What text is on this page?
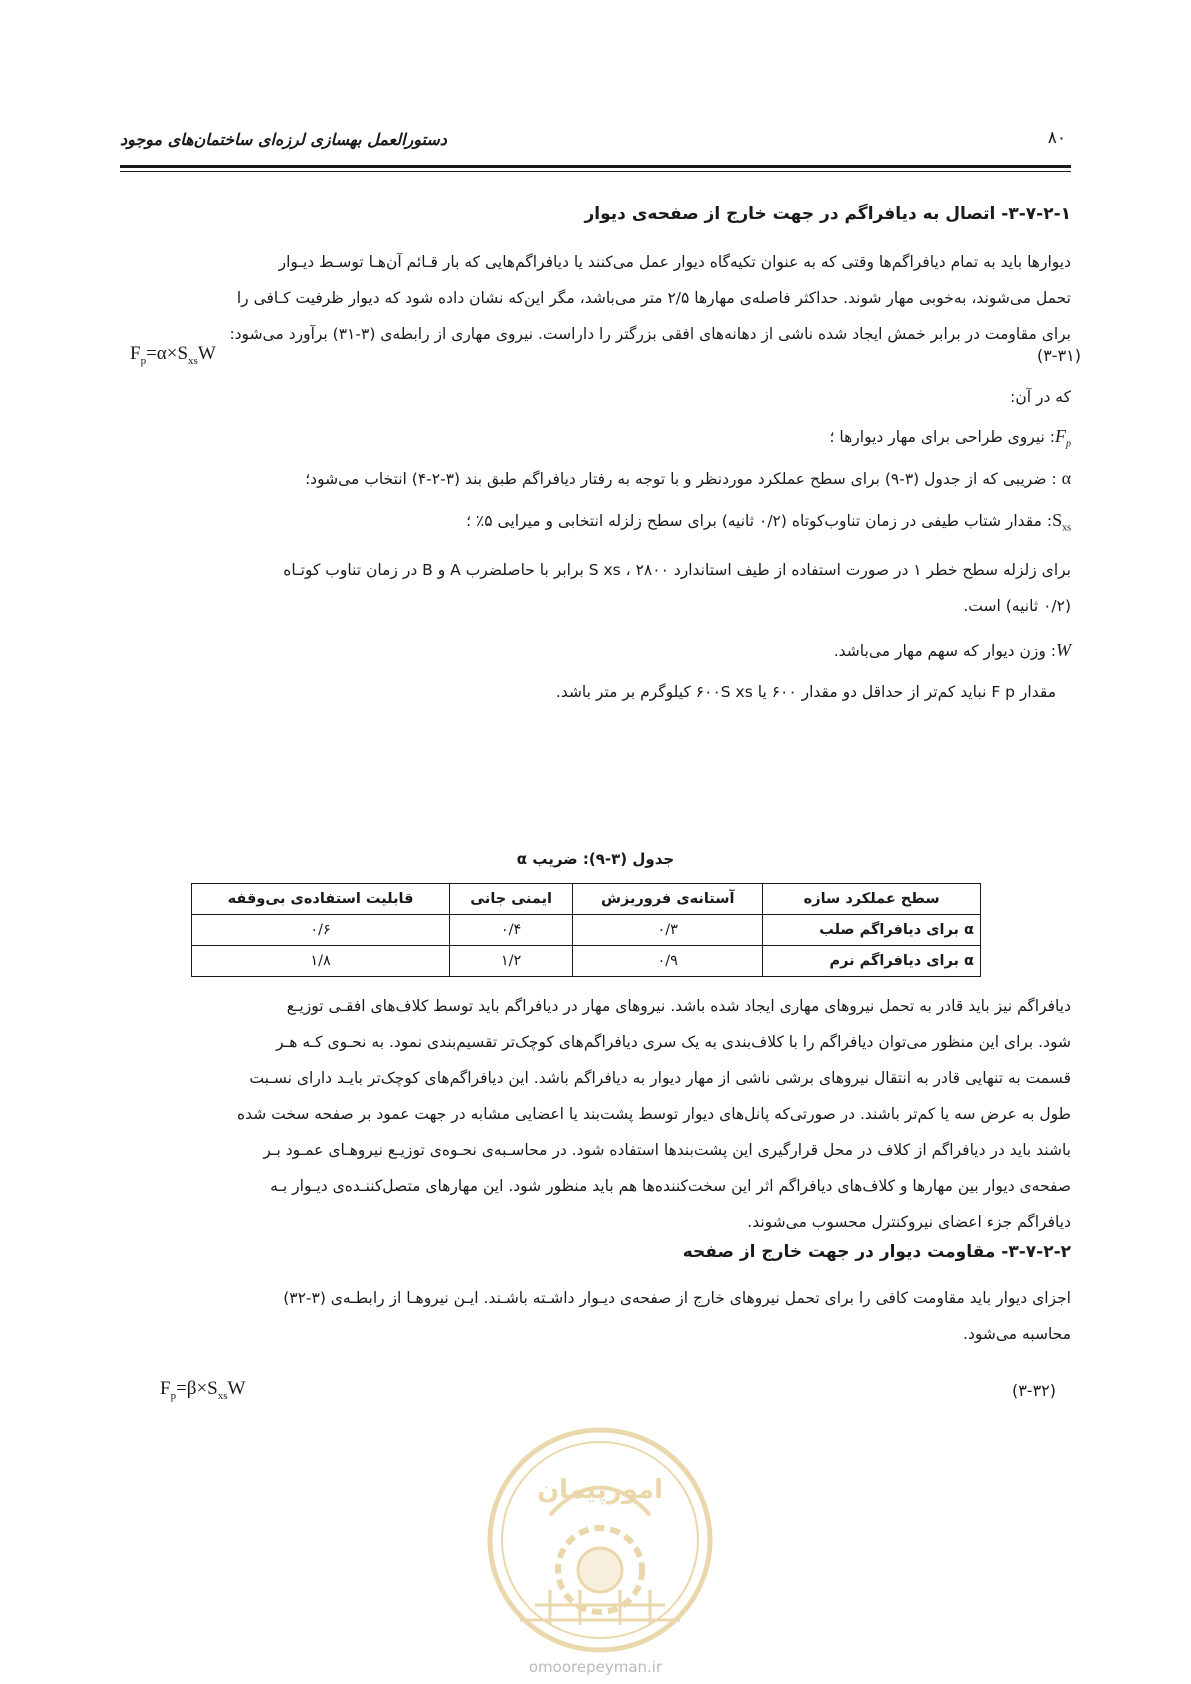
دستورالعمل بهسازی لرزه‌ای ساختمان‌های موجود	۸۰
۳-۷-۲-۱- اتصال به دیافراگم در جهت خارج از صفحه‌ی دیوار

دیوارها باید به تمام دیافراگم‌ها وقتی که به عنوان تکیه‌گاه دیوار عمل می‌کنند یا دیافراگم‌هایی که بار قـائم آن‌هـا توسـط دیـوار

تحمل می‌شوند، به‌خوبی مهار شوند. حداکثر فاصله‌ی مهارها ۲/۵ متر می‌باشد، مگر این‌که نشان داده شود که دیوار ظرفیت کـافی را

برای مقاومت در برابر خمش ایجاد شده ناشی از دهانه‌های افقی بزرگتر را داراست. نیروی مهاری از رابطه‌ی (۳-۳۱) برآورد می‌شود:

$F_p=\alpha\times S_{xs}W$	(۳-۳۱)
که در آن:
$F_p$: نیروی طراحی برای مهار دیوارها ؛
α : ضریبی که از جدول (۳-۹) برای سطح عملکرد موردنظر و با توجه به رفتار دیافراگم طبق بند (۳-۲-۴) انتخاب می‌شود؛
$S_{xs}$: مقدار شتاب طیفی در زمان تناوب‌کوتاه (۰/۲ ثانیه) برای سطح زلزله انتخابی و میرایی ۵٪ ؛

برای زلزله سطح خطر ۱ در صورت استفاده از طیف استاندارد ۲۸۰۰ ، S xs برابر با حاصلضرب A و B در زمان تناوب کوتـاه

(۰/۲ ثانیه) است.

W: وزن دیوار که سهم مهار می‌باشد.
مقدار F p نباید کم‌تر از حداقل دو مقدار ۶۰۰ یا ۶۰۰S xs کیلوگرم بر متر باشد.
جدول (۳-۹): ضریب α
سطح عملکرد سازه	آستانه‌ی فروریزش	ایمنی جانی	قابلیت استفاده‌ی بی‌وقفه
α برای دیافراگم صلب	۰/۳	۰/۴	۰/۶
α برای دیافراگم نرم	۰/۹	۱/۲	۱/۸

دیافراگم نیز باید قادر به تحمل نیروهای مهاری ایجاد شده باشد. نیروهای مهار در دیافراگم باید توسط کلاف‌های افقـی توزیـع

شود. برای این منظور می‌توان دیافراگم را با کلاف‌بندی به یک سری دیافراگم‌های کوچک‌تر تقسیم‌بندی نمود. به نحـوی کـه هـر

قسمت به تنهایی قادر به انتقال نیروهای برشی ناشی از مهار دیوار به دیافراگم باشد. این دیافراگم‌های کوچک‌تر بایـد دارای نسـبت

طول به عرض سه یا کم‌تر باشند. در صورتی‌که پانل‌های دیوار توسط پشت‌بند یا اعضایی مشابه در جهت عمود بر صفحه سخت شده

باشند باید در دیافراگم از کلاف در محل قرارگیری این پشت‌بندها استفاده شود. در محاسـبه‌ی نحـوه‌ی توزیـع نیروهـای عمـود بـر

صفحه‌ی دیوار بین مهارها و کلاف‌های دیافراگم اثر این سخت‌کننده‌ها هم باید منظور شود. این مهارهای متصل‌کننـده‌ی دیـوار بـه

دیافراگم جزء اعضای نیروکنترل محسوب می‌شوند.

۳-۷-۲-۲- مقاومت دیوار در جهت خارج از صفحه

اجزای دیوار باید مقاومت کافی را برای تحمل نیروهای خارج از صفحه‌ی دیـوار داشـته باشـند. ایـن نیروهـا از رابطـه‌ی (۳-۳۲)

محاسبه می‌شود.

$F_p=\beta\times S_{xs}W$	(۳-۳۲)
امورپیمان
omoorepeyman.ir
